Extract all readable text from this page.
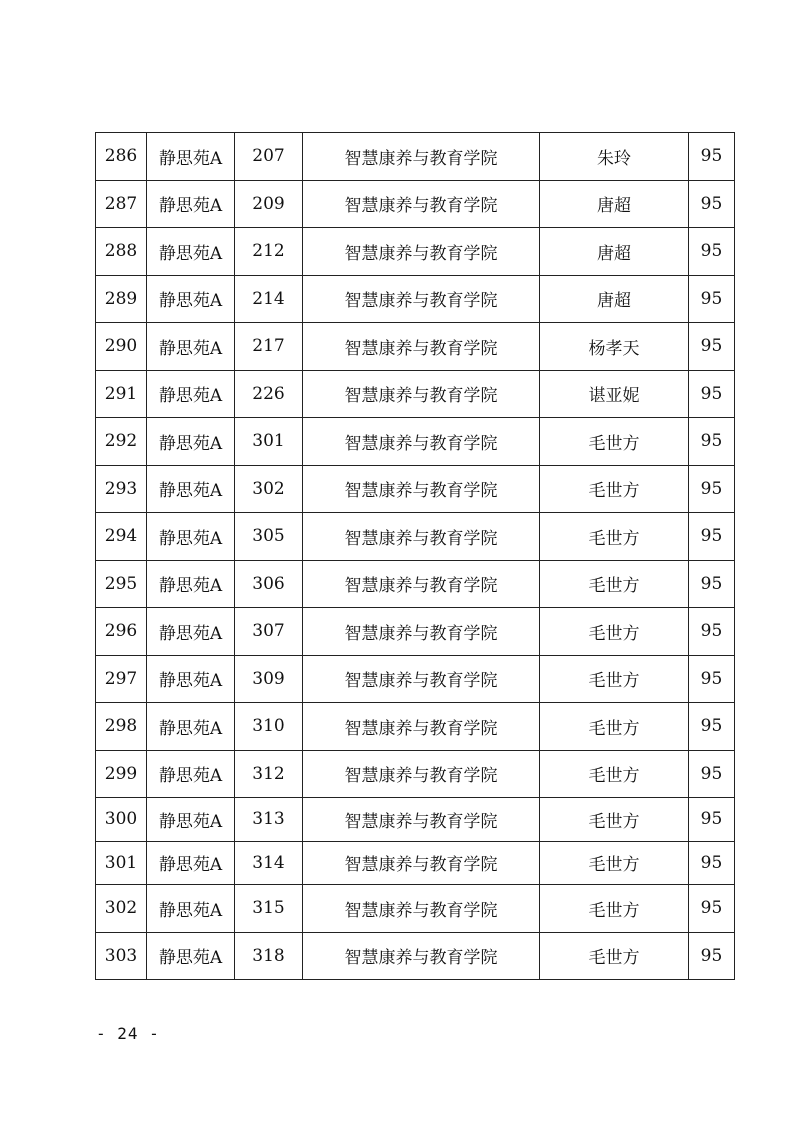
286	静思苑A	207	智慧康养与教育学院	朱玲	95
287	静思苑A	209	智慧康养与教育学院	唐超	95
288	静思苑A	212	智慧康养与教育学院	唐超	95
289	静思苑A	214	智慧康养与教育学院	唐超	95
290	静思苑A	217	智慧康养与教育学院	杨孝天	95
291	静思苑A	226	智慧康养与教育学院	谌亚妮	95
292	静思苑A	301	智慧康养与教育学院	毛世方	95
293	静思苑A	302	智慧康养与教育学院	毛世方	95
294	静思苑A	305	智慧康养与教育学院	毛世方	95
295	静思苑A	306	智慧康养与教育学院	毛世方	95
296	静思苑A	307	智慧康养与教育学院	毛世方	95
297	静思苑A	309	智慧康养与教育学院	毛世方	95
298	静思苑A	310	智慧康养与教育学院	毛世方	95
299	静思苑A	312	智慧康养与教育学院	毛世方	95
300	静思苑A	313	智慧康养与教育学院	毛世方	95
301	静思苑A	314	智慧康养与教育学院	毛世方	95
302	静思苑A	315	智慧康养与教育学院	毛世方	95
303	静思苑A	318	智慧康养与教育学院	毛世方	95
- 24 -
